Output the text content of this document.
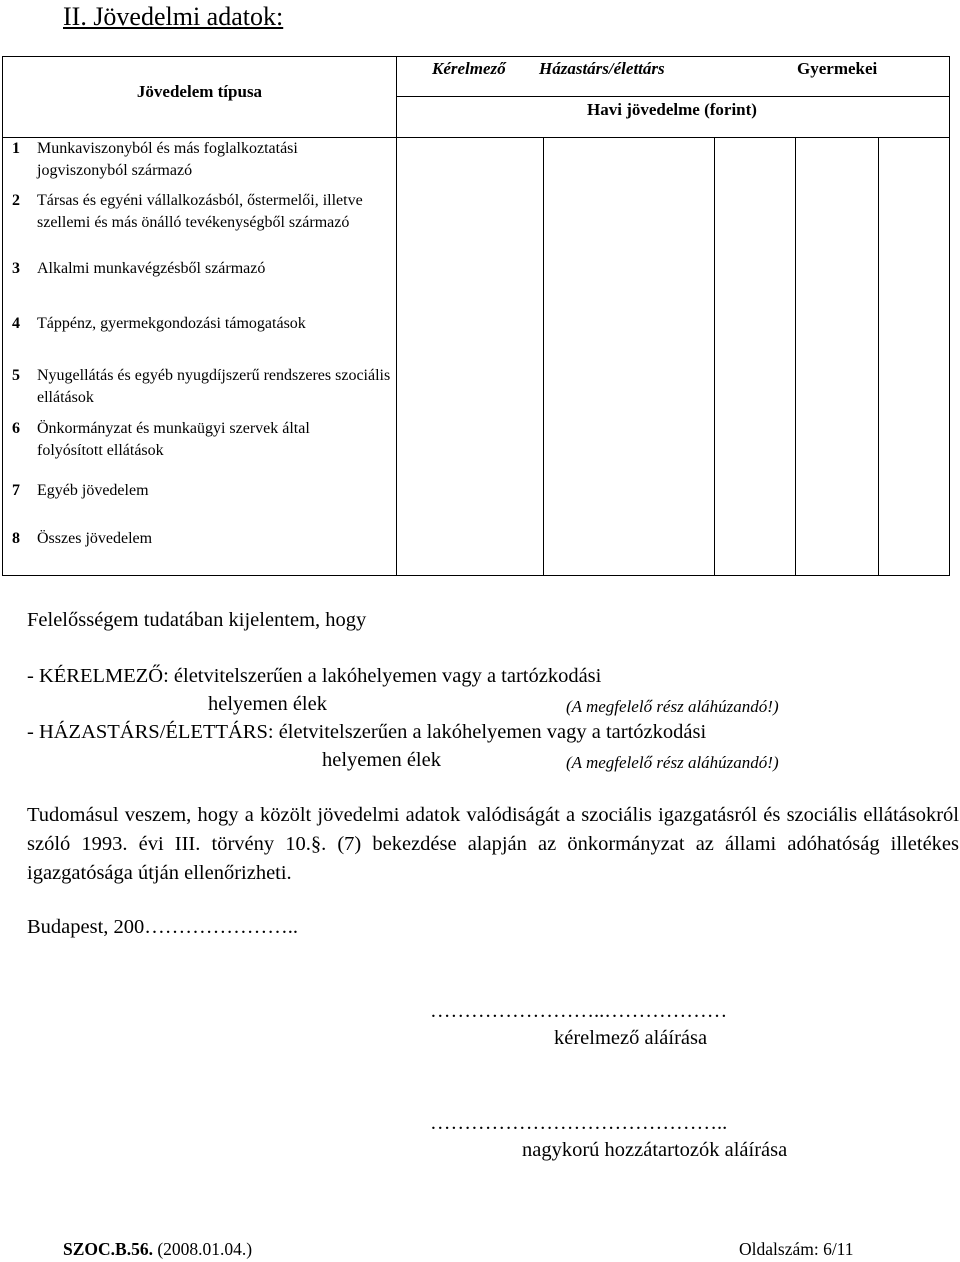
II. Jövedelmi adatok:
Jövedelem típusa
Kérelmező Házastárs/élettárs	Gyermekei
Havi jövedelme (forint)
1 Munkaviszonyból és más foglalkoztatási jogviszonyból származó
2 Társas és egyéni vállalkozásból, őstermelői, illetve szellemi és más önálló tevékenységből származó
3 Alkalmi munkavégzésből származó
4 Táppénz, gyermekgondozási támogatások
5 Nyugellátás és egyéb nyugdíjszerű rendszeres szociális ellátások
6 Önkormányzat és munkaügyi szervek által folyósított ellátások
7 Egyéb jövedelem
8 Összes jövedelem
Felelősségem tudatában kijelentem, hogy
- KÉRELMEZŐ: életvitelszerűen a lakóhelyemen vagy a tartózkodási
helyemen élek	(A megfelelő rész aláhúzandó!)
- HÁZASTÁRS/ÉLETTÁRS: életvitelszerűen a lakóhelyemen vagy a tartózkodási
helyemen élek	(A megfelelő rész aláhúzandó!)
Tudomásul veszem, hogy a közölt jövedelmi adatok valódiságát a szociális igazgatásról és szociális ellátásokról szóló 1993. évi III. törvény 10.§. (7) bekezdése alapján az önkormányzat az állami adóhatóság illetékes igazgatósága útján ellenőrizheti.
Budapest, 200…………………..
……………………..………………
kérelmező aláírása
……………………………………..
nagykorú hozzátartozók aláírása
SZOC.B.56. (2008.01.04.)	Oldalszám: 6/11
